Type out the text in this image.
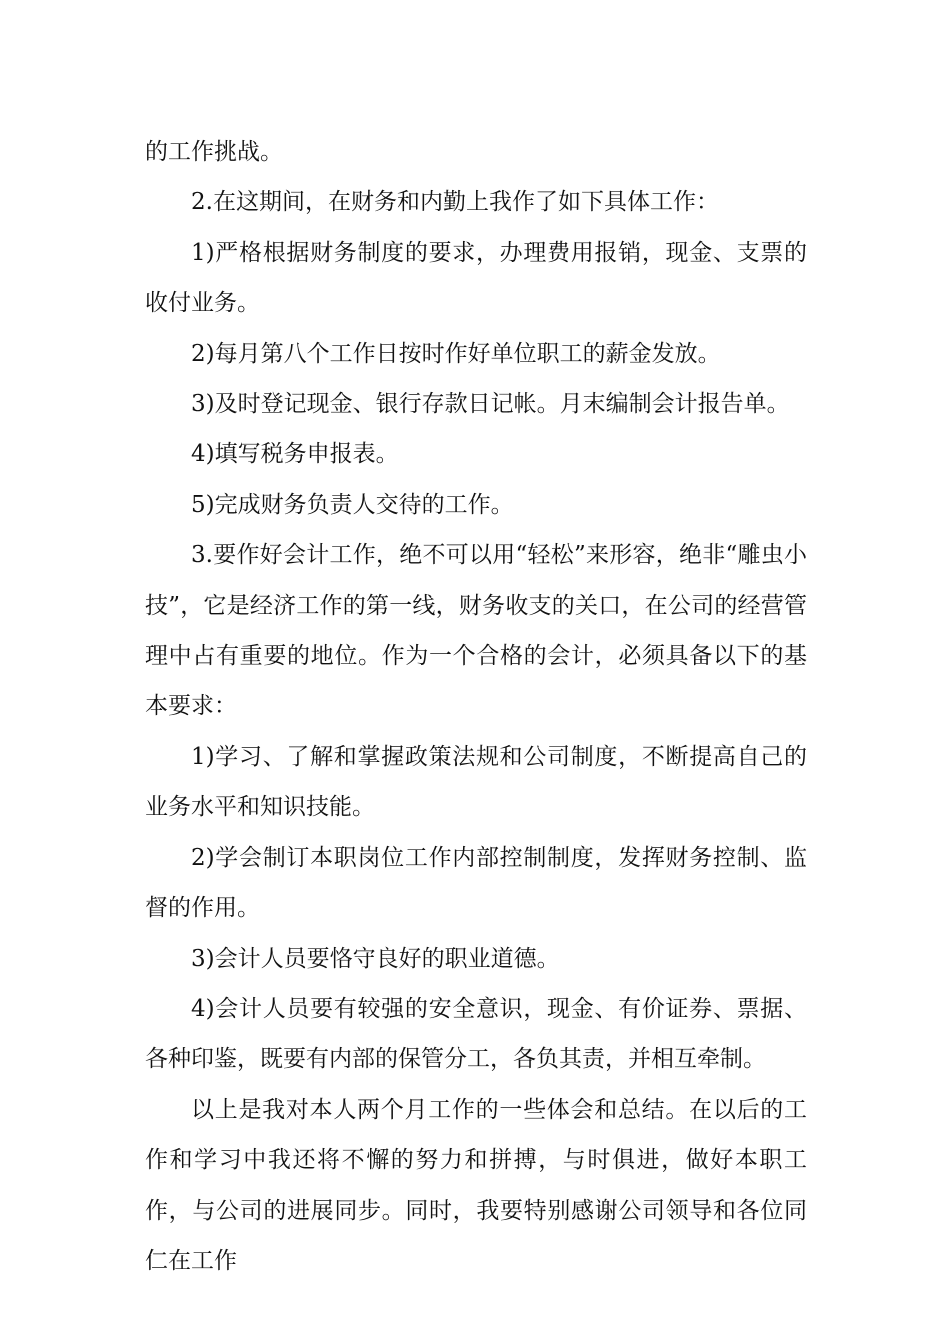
的工作挑战。

2.在这期间，在财务和内勤上我作了如下具体工作：

1)严格根据财务制度的要求，办理费用报销，现金、支票的收付业务。

2)每月第八个工作日按时作好单位职工的薪金发放。

3)及时登记现金、银行存款日记帐。月末编制会计报告单。

4)填写税务申报表。

5)完成财务负责人交待的工作。

3.要作好会计工作，绝不可以用“轻松”来形容，绝非“雕虫小技”，它是经济工作的第一线，财务收支的关口，在公司的经营管理中占有重要的地位。作为一个合格的会计，必须具备以下的基本要求：

1)学习、了解和掌握政策法规和公司制度，不断提高自己的业务水平和知识技能。

2)学会制订本职岗位工作内部控制制度，发挥财务控制、监督的作用。

3)会计人员要恪守良好的职业道德。

4)会计人员要有较强的安全意识，现金、有价证券、票据、各种印鉴，既要有内部的保管分工，各负其责，并相互牵制。

以上是我对本人两个月工作的一些体会和总结。在以后的工作和学习中我还将不懈的努力和拼搏，与时俱进，做好本职工作，与公司的进展同步。同时，我要特别感谢公司领导和各位同仁在工作
